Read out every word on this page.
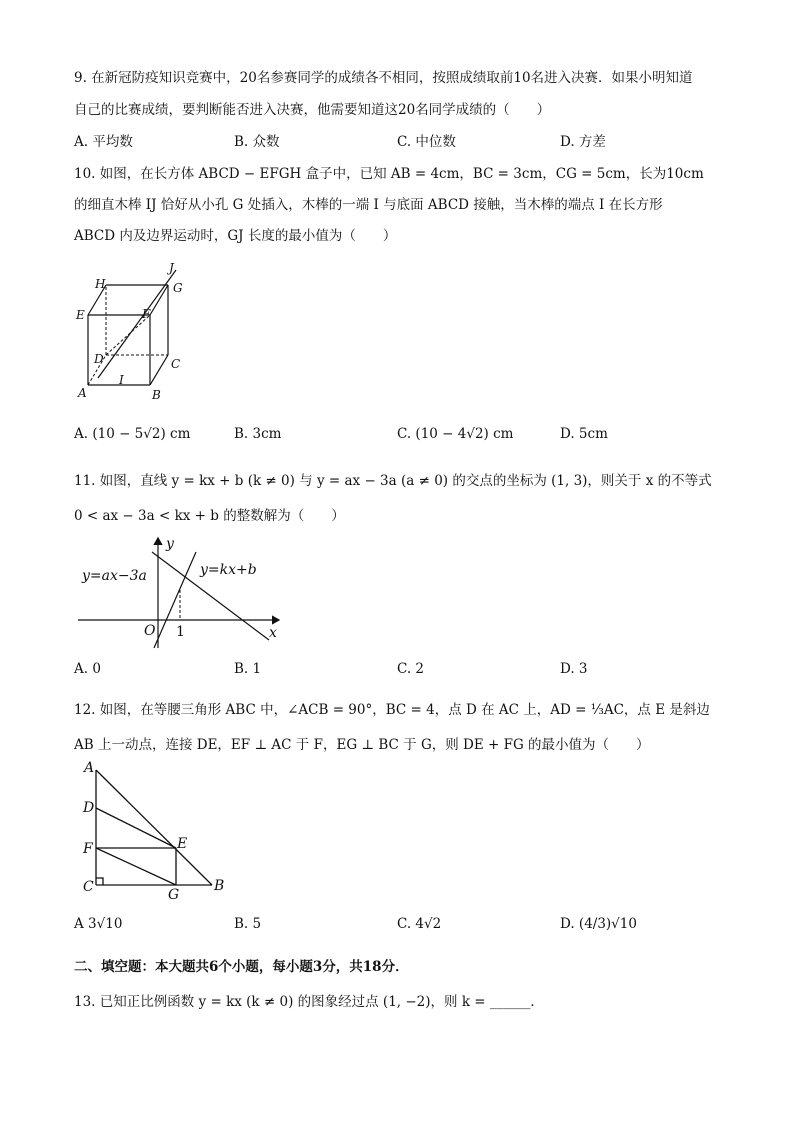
9. 在新冠防疫知识竞赛中，20名参赛同学的成绩各不相同，按照成绩取前10名进入决赛．如果小明知道
自己的比赛成绩，要判断能否进入决赛，他需要知道这20名同学成绩的（　　）
A. 平均数	B. 众数	C. 中位数	D. 方差
10. 如图，在长方体 ABCD − EFGH 盒子中，已知 AB = 4cm，BC = 3cm，CG = 5cm，长为10cm
的细直木棒 IJ 恰好从小孔 G 处插入，木棒的一端 I 与底面 ABCD 接触，当木棒的端点 I 在长方形
ABCD 内及边界运动时，GJ 长度的最小值为（　　）
H
J
G
E	F
D	C
I
A	B
A. (10 − 5√2) cm	B. 3cm	C. (10 − 4√2) cm	D. 5cm
11. 如图，直线 y = kx + b (k ≠ 0) 与 y = ax − 3a (a ≠ 0) 的交点的坐标为 (1, 3)，则关于 x 的不等式
0 < ax − 3a < kx + b 的整数解为（　　）
y
y=ax−3a	y=kx+b
O 1	x
A. 0	B. 1	C. 2	D. 3
12. 如图，在等腰三角形 ABC 中，∠ACB = 90°，BC = 4，点 D 在 AC 上，AD = ⅓AC，点 E 是斜边
AB 上一动点，连接 DE，EF ⊥ AC 于 F，EG ⊥ BC 于 G，则 DE + FG 的最小值为（　　）
A
D
E
F
C	G
B
A 3√10	B. 5	C. 4√2	D. (4/3)√10
二、填空题：本大题共6个小题，每小题3分，共18分．
13. 已知正比例函数 y = kx (k ≠ 0) 的图象经过点 (1, −2)，则 k = ______．
